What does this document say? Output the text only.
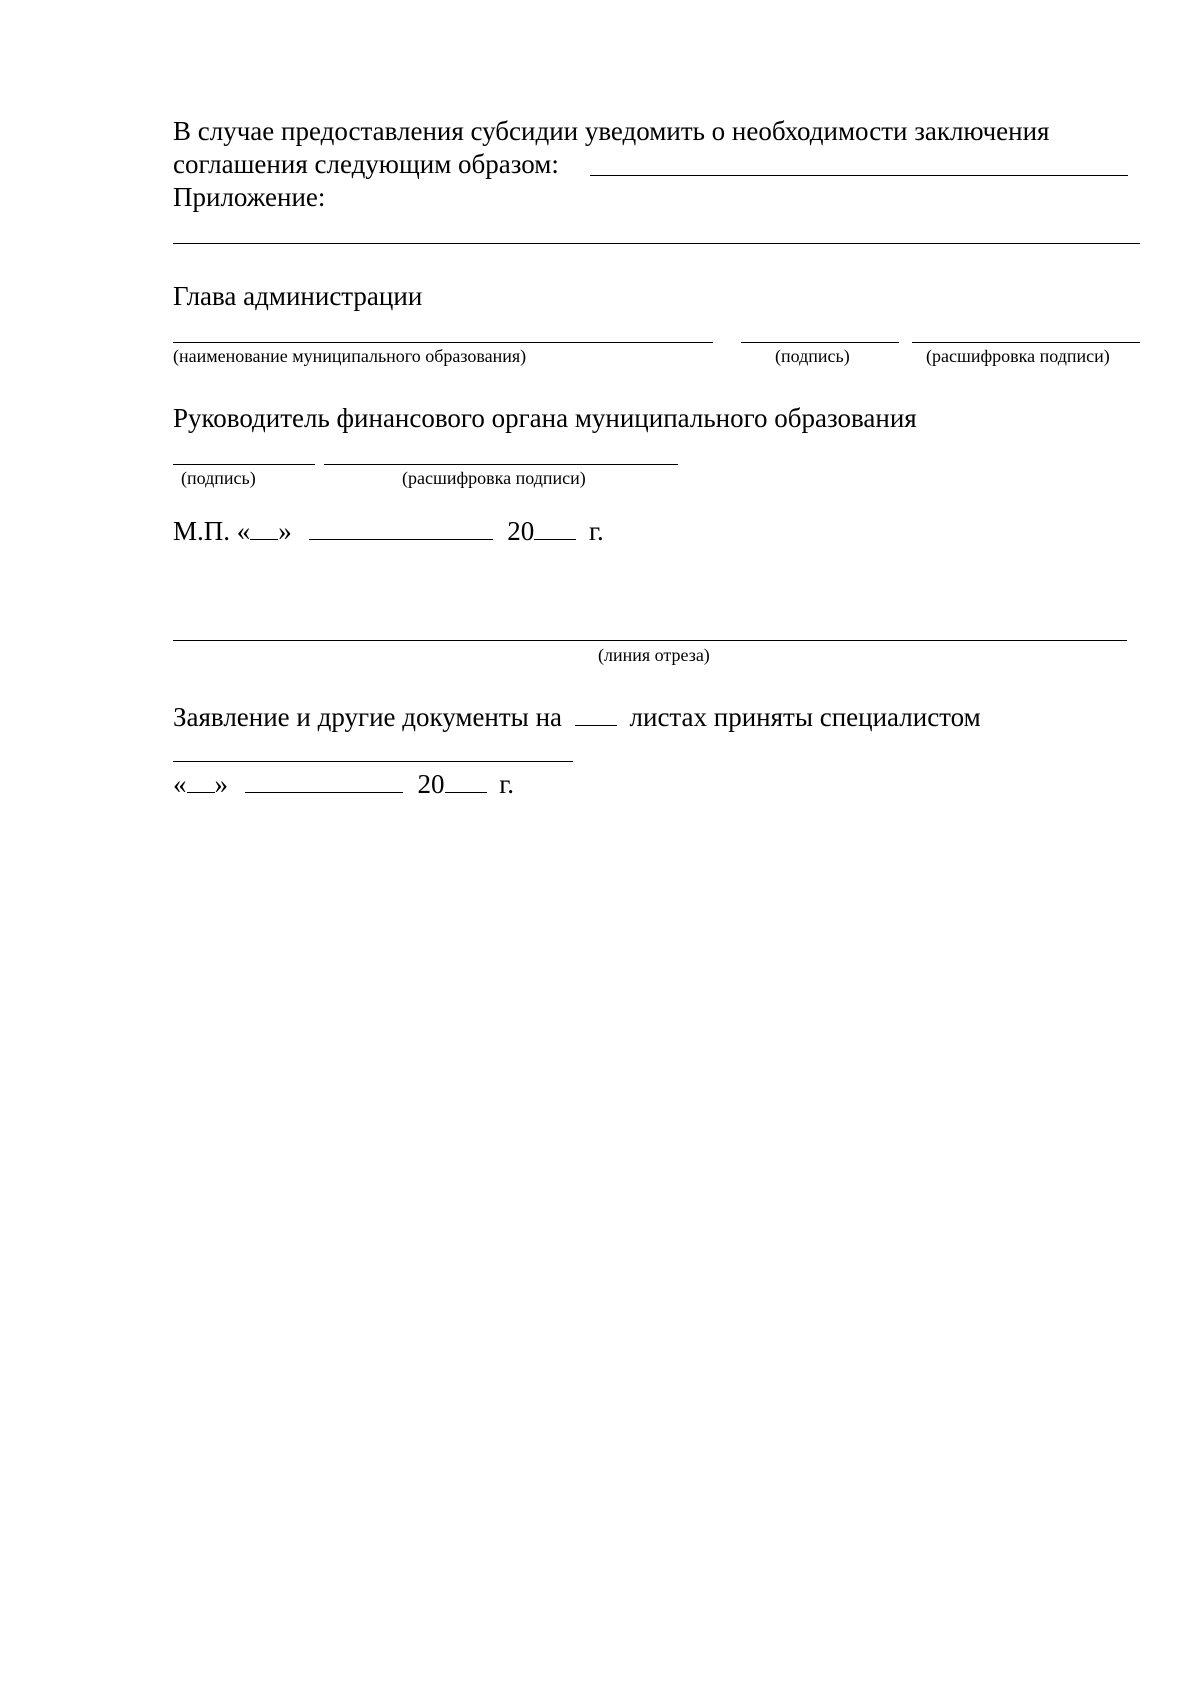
В случае предоставления субсидии уведомить о необходимости заключения
соглашения следующим образом:
Приложение:
Глава администрации
(наименование муниципального образования)	(подпись)	(расшифровка подписи)
Руководитель финансового органа муниципального образования
(подпись)	(расшифровка подписи)
М.П. « »	20 г.
(линия отреза)
Заявление и другие документы на	листах приняты специалистом
« »	20 г.
